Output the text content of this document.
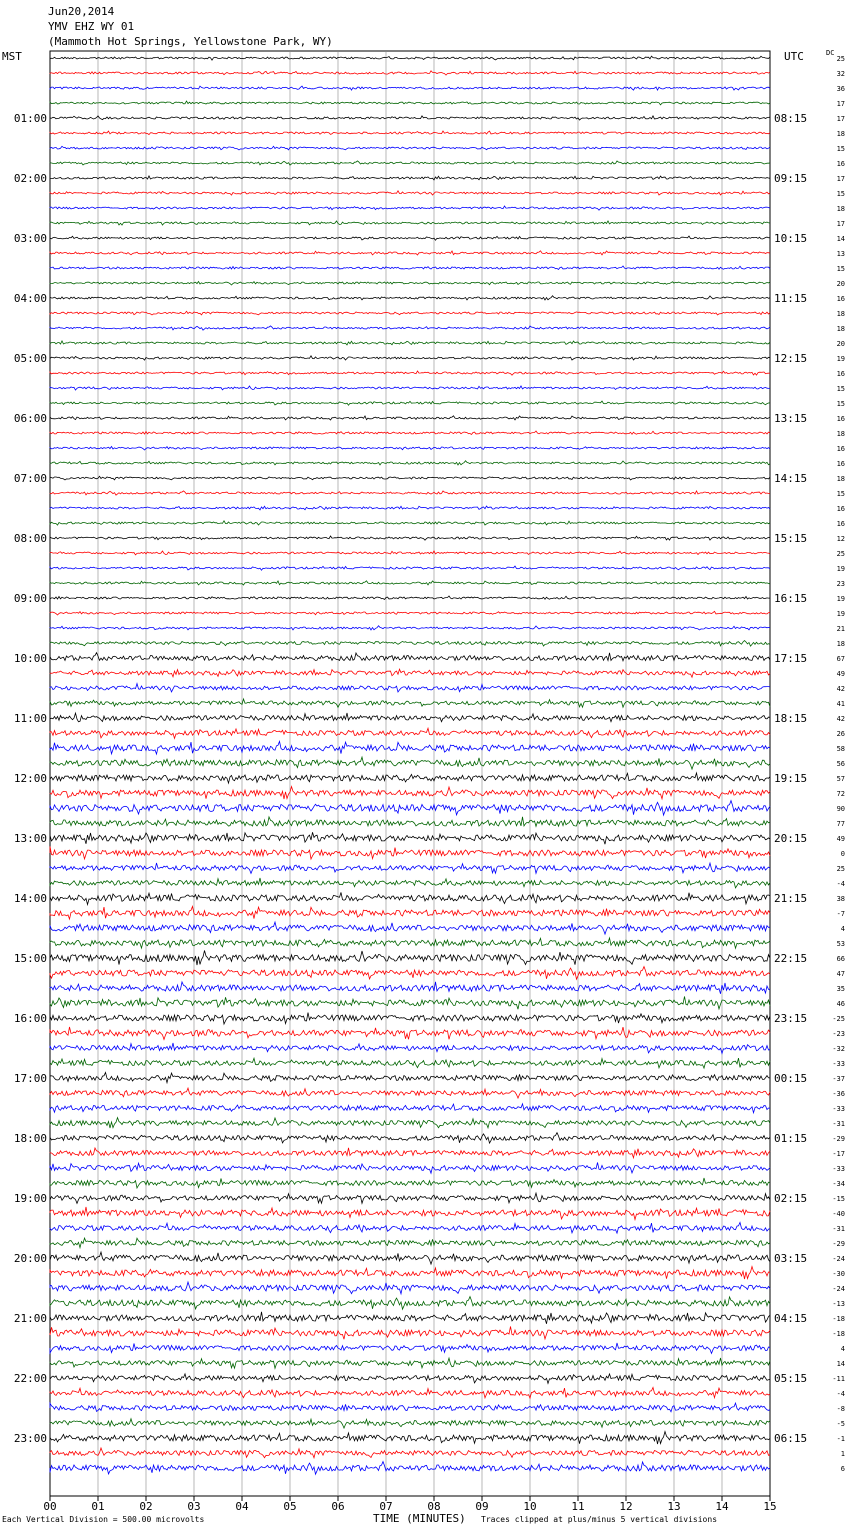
Jun20,2014
YMV EHZ WY 01
(Mammoth Hot Springs, Yellowstone Park, WY)
MST	UTC	DC
01:00
02:00
03:00
04:00
05:00
06:00
07:00
08:00
09:00
10:00
11:00
12:00
13:00
14:00
15:00
16:00
17:00
18:00
19:00
20:00
21:00
22:00
23:00
08:15
09:15
10:15
11:15
12:15
13:15
14:15
15:15
16:15
17:15
18:15
19:15
20:15
21:15
22:15
23:15
00:15
01:15
02:15
03:15
04:15
05:15
06:15
25
32
36
17
17
18
15
16
17
15
18
17
14
13
15
20
16
18
18
20
19
16
15
15
16
18
16
16
18
15
16
16
12
25
19
23
19
19
21
18
67
49
42
41
42
26
58
56
57
72
90
77
49
0
25
-4
38
-7
4
53
66
47
35
46
-25
-23
-32
-33
-37
-36
-33
-31
-29
-17
-33
-34
-15
-40
-31
-29
-24
-30
-24
-13
-18
-18
4
14
-11
-4
-8
-5
-1
1
6
00	01	02	03	04	05	06	07	08	09	10	11	12	13	14	15
Each Vertical Division = 500.00 microvolts	TIME (MINUTES) Traces clipped at plus/minus 5 vertical divisions
